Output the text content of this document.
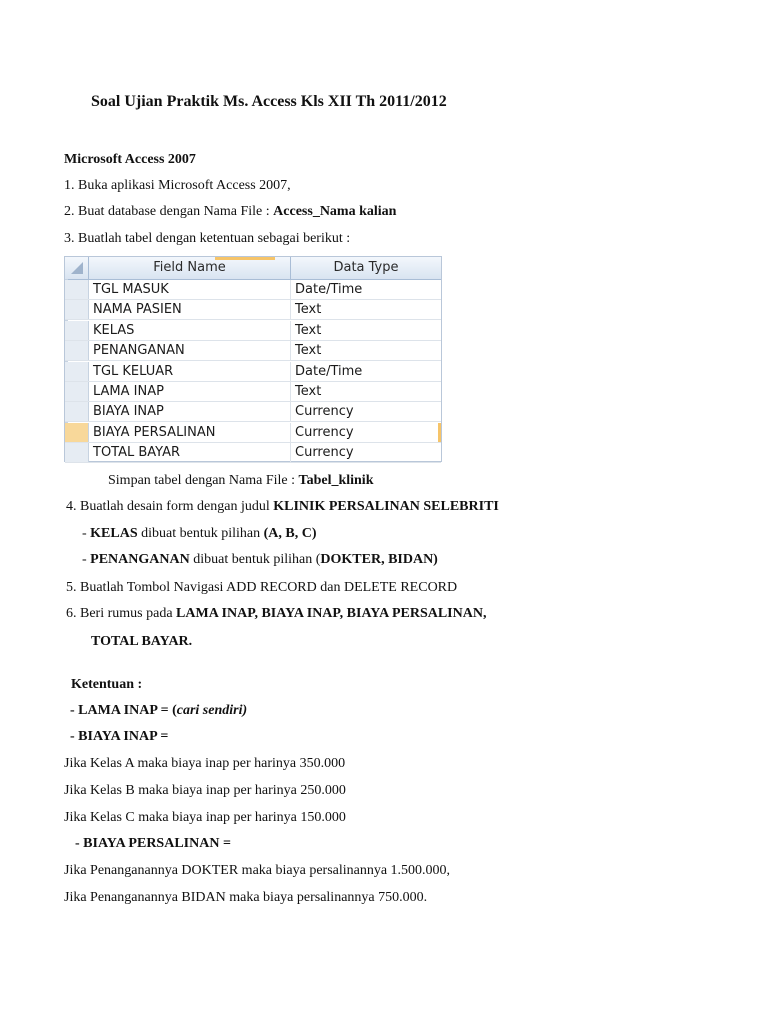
Soal Ujian Praktik Ms. Access Kls XII Th 2011/2012
Microsoft Access 2007
1. Buka aplikasi Microsoft Access 2007,
2. Buat database dengan Nama File : Access_Nama kalian
3. Buatlah tabel dengan ketentuan sebagai berikut :
Field Name	Data Type
TGL MASUK	Date/Time
NAMA PASIEN	Text
KELAS	Text
PENANGANAN	Text
TGL KELUAR	Date/Time
LAMA INAP	Text
BIAYA INAP	Currency
BIAYA PERSALINAN	Currency
TOTAL BAYAR	Currency
Simpan tabel dengan Nama File : Tabel_klinik
4. Buatlah desain form dengan judul KLINIK PERSALINAN SELEBRITI
- KELAS dibuat bentuk pilihan (A, B, C)
- PENANGANAN dibuat bentuk pilihan (DOKTER, BIDAN)
5. Buatlah Tombol Navigasi ADD RECORD dan DELETE RECORD
6. Beri rumus pada LAMA INAP, BIAYA INAP, BIAYA PERSALINAN,
TOTAL BAYAR.
Ketentuan :
- LAMA INAP = (cari sendiri)
- BIAYA INAP =
Jika Kelas A maka biaya inap per harinya 350.000
Jika Kelas B maka biaya inap per harinya 250.000
Jika Kelas C maka biaya inap per harinya 150.000
- BIAYA PERSALINAN =
Jika Penanganannya DOKTER maka biaya persalinannya 1.500.000,
Jika Penanganannya BIDAN maka biaya persalinannya 750.000.
